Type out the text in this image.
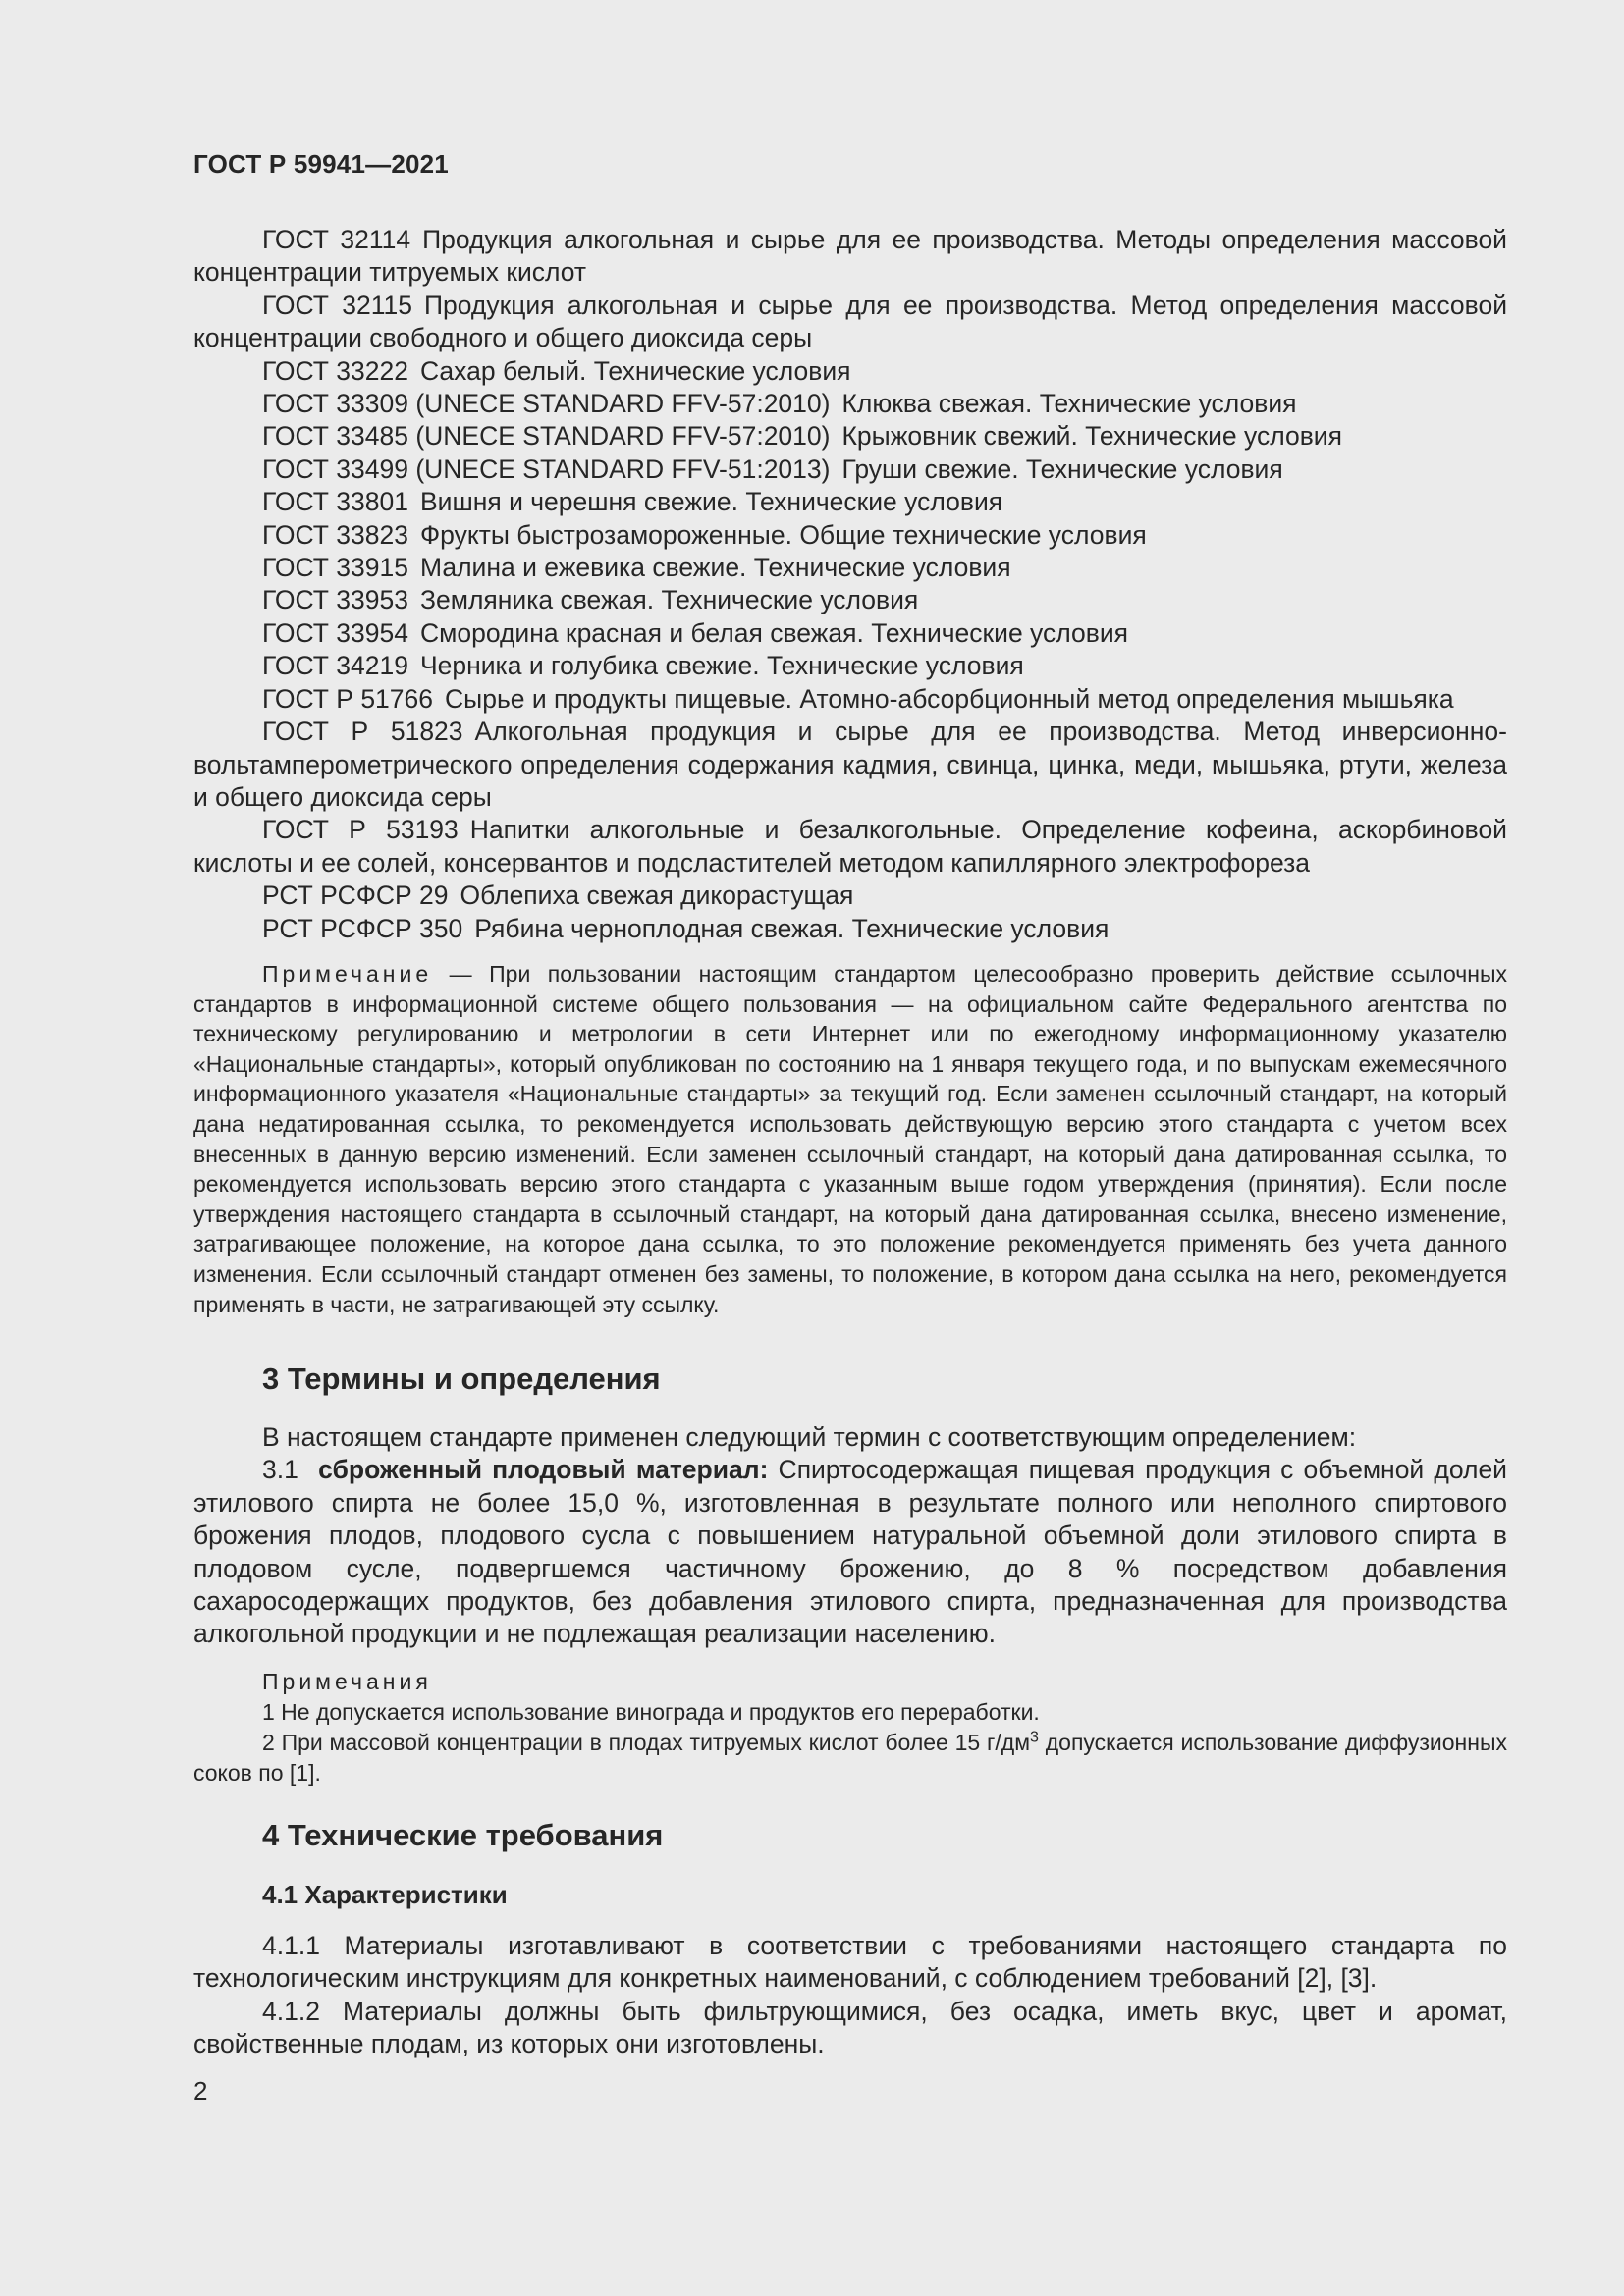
ГОСТ Р 59941—2021

ГОСТ 32114 Продукция алкогольная и сырье для ее производства. Методы определения массовой концентрации титруемых кислот

ГОСТ 32115 Продукция алкогольная и сырье для ее производства. Метод определения массовой концентрации свободного и общего диоксида серы

ГОСТ 33222 Сахар белый. Технические условия

ГОСТ 33309 (UNECE STANDARD FFV-57:2010) Клюква свежая. Технические условия

ГОСТ 33485 (UNECE STANDARD FFV-57:2010) Крыжовник свежий. Технические условия

ГОСТ 33499 (UNECE STANDARD FFV-51:2013) Груши свежие. Технические условия

ГОСТ 33801 Вишня и черешня свежие. Технические условия

ГОСТ 33823 Фрукты быстрозамороженные. Общие технические условия

ГОСТ 33915 Малина и ежевика свежие. Технические условия

ГОСТ 33953 Земляника свежая. Технические условия

ГОСТ 33954 Смородина красная и белая свежая. Технические условия

ГОСТ 34219 Черника и голубика свежие. Технические условия

ГОСТ Р 51766 Сырье и продукты пищевые. Атомно-абсорбционный метод определения мышьяка

ГОСТ Р 51823 Алкогольная продукция и сырье для ее производства. Метод инверсионно-вольтамперометрического определения содержания кадмия, свинца, цинка, меди, мышьяка, ртути, железа и общего диоксида серы

ГОСТ Р 53193 Напитки алкогольные и безалкогольные. Определение кофеина, аскорбиновой кислоты и ее солей, консервантов и подсластителей методом капиллярного электрофореза

РСТ РСФСР 29 Облепиха свежая дикорастущая

РСТ РСФСР 350 Рябина черноплодная свежая. Технические условия

Примечание — При пользовании настоящим стандартом целесообразно проверить действие ссылочных стандартов в информационной системе общего пользования — на официальном сайте Федерального агентства по техническому регулированию и метрологии в сети Интернет или по ежегодному информационному указателю «Национальные стандарты», который опубликован по состоянию на 1 января текущего года, и по выпускам ежемесячного информационного указателя «Национальные стандарты» за текущий год. Если заменен ссылочный стандарт, на который дана недатированная ссылка, то рекомендуется использовать действующую версию этого стандарта с учетом всех внесенных в данную версию изменений. Если заменен ссылочный стандарт, на который дана датированная ссылка, то рекомендуется использовать версию этого стандарта с указанным выше годом утверждения (принятия). Если после утверждения настоящего стандарта в ссылочный стандарт, на который дана датированная ссылка, внесено изменение, затрагивающее положение, на которое дана ссылка, то это положение рекомендуется применять без учета данного изменения. Если ссылочный стандарт отменен без замены, то положение, в котором дана ссылка на него, рекомендуется применять в части, не затрагивающей эту ссылку.

3 Термины и определения

В настоящем стандарте применен следующий термин с соответствующим определением:

3.1 сброженный плодовый материал: Спиртосодержащая пищевая продукция с объемной долей этилового спирта не более 15,0 %, изготовленная в результате полного или неполного спиртового брожения плодов, плодового сусла с повышением натуральной объемной доли этилового спирта в плодовом сусле, подвергшемся частичному брожению, до 8 % посредством добавления сахаросодержащих продуктов, без добавления этилового спирта, предназначенная для производства алкогольной продукции и не подлежащая реализации населению.

Примечания

1 Не допускается использование винограда и продуктов его переработки.

2 При массовой концентрации в плодах титруемых кислот более 15 $г/дм^3$ допускается использование диффузионных соков по [1].

4 Технические требования
4.1 Характеристики

4.1.1 Материалы изготавливают в соответствии с требованиями настоящего стандарта по технологическим инструкциям для конкретных наименований, с соблюдением требований [2], [3].

4.1.2 Материалы должны быть фильтрующимися, без осадка, иметь вкус, цвет и аромат, свойственные плодам, из которых они изготовлены.

2
